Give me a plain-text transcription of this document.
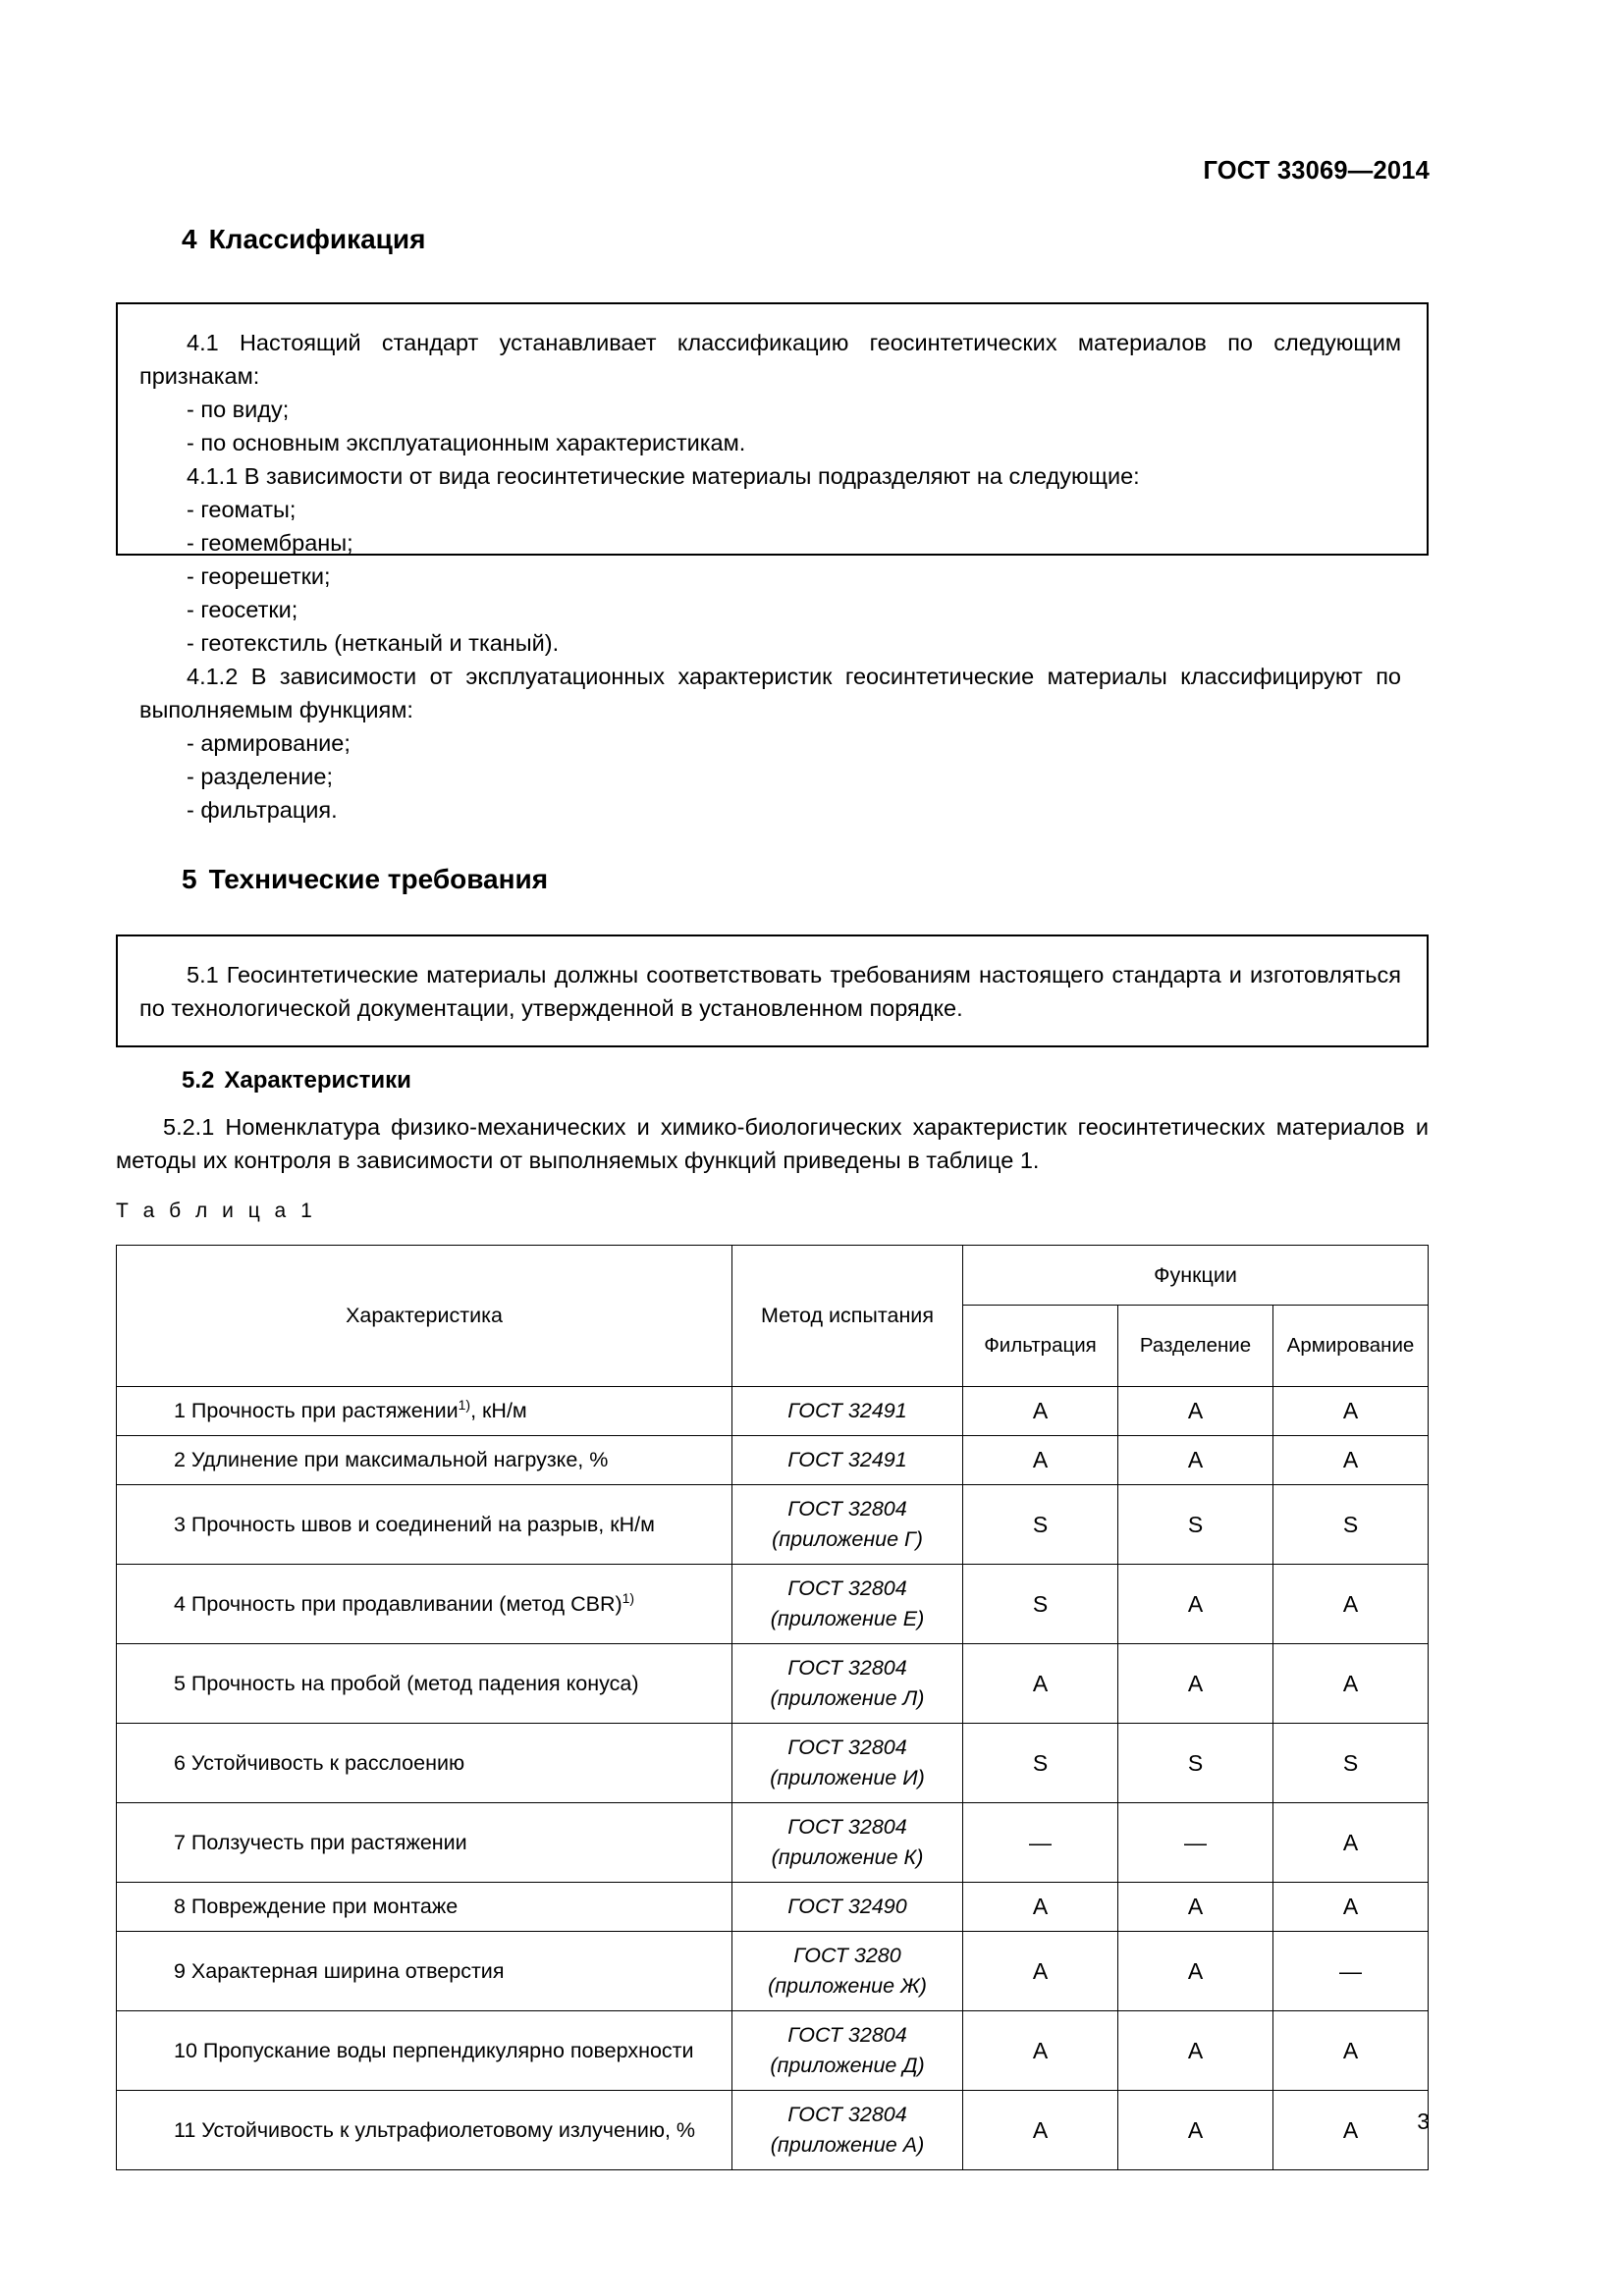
ГОСТ 33069—2014
4 Классификация

4.1 Настоящий стандарт устанавливает классификацию геосинтетических материалов по следующим признакам:

- по виду;

- по основным эксплуатационным характеристикам.

4.1.1 В зависимости от вида геосинтетические материалы подразделяют на следующие:

- геоматы;

- геомембраны;

- георешетки;

- геосетки;

- геотекстиль (нетканый и тканый).

4.1.2 В зависимости от эксплуатационных характеристик геосинтетические материалы классифицируют по выполняемым функциям:

- армирование;

- разделение;

- фильтрация.

5 Технические требования

5.1 Геосинтетические материалы должны соответствовать требованиям настоящего стандарта и изготовляться по технологической документации, утвержденной в установленном порядке.

5.2 Характеристики
5.2.1 Номенклатура физико-механических и химико-биологических характеристик геосинтетических материалов и методы их контроля в зависимости от выполняемых функций приведены в таблице 1.
Т а б л и ц а 1
Характеристика	Метод испытания	Функции		
		Фильтрация	Разделение	Армирование
1 Прочность при растяжении$^{1)}$, кН/м	ГОСТ 32491	A	A	A
2 Удлинение при максимальной нагрузке, %	ГОСТ 32491	A	A	A
3 Прочность швов и соединений на разрыв, кН/м	ГОСТ 32804
(приложение Г)	S	S	S
4 Прочность при продавливании (метод CBR)$^{1)}$	ГОСТ 32804
(приложение Е)	S	A	A
5 Прочность на пробой (метод падения конуса)	ГОСТ 32804
(приложение Л)	A	A	A
6 Устойчивость к расслоению	ГОСТ 32804
(приложение И)	S	S	S
7 Ползучесть при растяжении	ГОСТ 32804
(приложение К)	—	—	A
8 Повреждение при монтаже	ГОСТ 32490	A	A	A
9 Характерная ширина отверстия	ГОСТ 3280
(приложение Ж)	A	A	—
10 Пропускание воды перпендикулярно поверхности	ГОСТ 32804
(приложение Д)	A	A	A
11 Устойчивость к ультрафиолетовому излучению, %	ГОСТ 32804
(приложение А)	A	A	A	3
